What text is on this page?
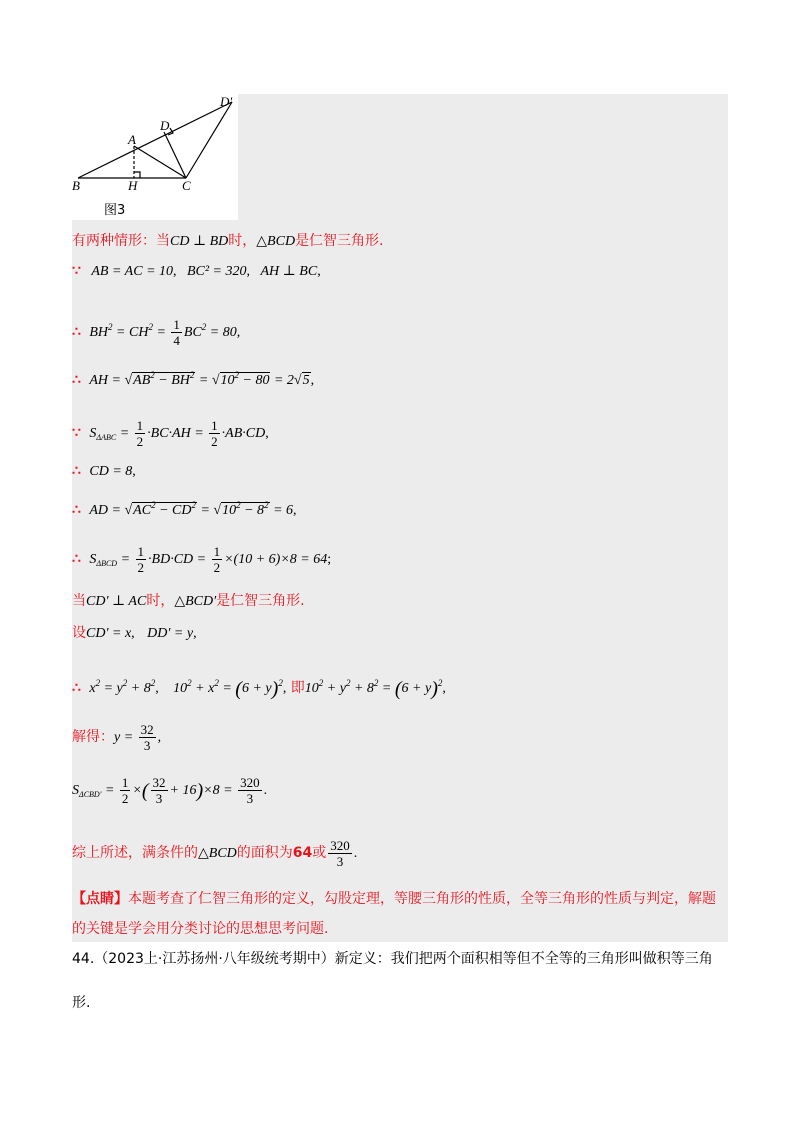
D'
D
A
B	H	C
图3
有两种情形：当CD ⊥ BD时，△BCD是仁智三角形.
∵ AB = AC = 10, BC² = 320, AH ⊥ BC,
∴ $BH^2 = CH^2 = \frac{1}{4} BC^2 = 80$,
∴ AH = $√AB^2 - BH^2 = √10^2 - 80 = 2√5$,
∵ $S_{\Delta ABC} = \frac{1}{2} \cdot BC\cdot AH = \frac{1}{2} \cdot AB\cdot CD$,
∴ CD = 8,
∴ AD = $√AC^2 - CD^2 = √10^2 - 8^2 = 6$,
∴ $S_{\Delta BCD} = \frac{1}{2} \cdot BD\cdot CD = \frac{1}{2} \times(10 + 6)\times 8 = 64$;
当CD′ ⊥ AC时，△BCD′是仁智三角形.
设CD′ = x, DD′ = y,
∴ $x^2 = y^2 + 8^2$, $10^2 + x^2 = (6 + y)^2$, 即$10^2 + y^2 + 8^2 = (6 + y)^2$,
解得：$y = \frac{32}{3}$ ,
$S_{\Delta CBD'} = \frac{1}{2}$ ×( $\frac{32}{3} + 16)\times 8 = \frac{320}{3}$ .
综上所述，满条件的△BCD的面积为64或 $\frac{320}{3}$ .
【点睛】本题考查了仁智三角形的定义，勾股定理，等腰三角形的性质，全等三角形的性质与判定，解题
的关键是学会用分类讨论的思想思考问题.
44.（2023上·江苏扬州·八年级统考期中）新定义：我们把两个面积相等但不全等的三角形叫做积等三角
形.
